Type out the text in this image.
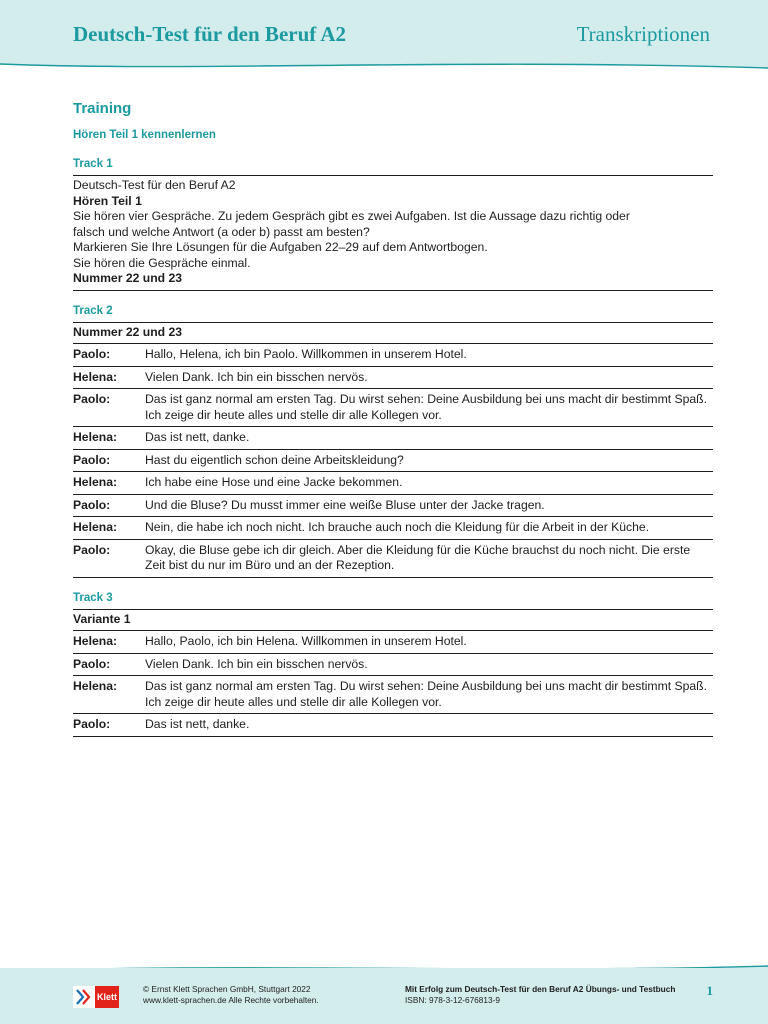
Deutsch-Test für den Beruf A2	Transkriptionen
Training
Hören Teil 1 kennenlernen
Track 1
Deutsch-Test für den Beruf A2
Hören Teil 1
Sie hören vier Gespräche. Zu jedem Gespräch gibt es zwei Aufgaben. Ist die Aussage dazu richtig oder
falsch und welche Antwort (a oder b) passt am besten?
Markieren Sie Ihre Lösungen für die Aufgaben 22–29 auf dem Antwortbogen.
Sie hören die Gespräche einmal.
Nummer 22 und 23
Track 2
Nummer 22 und 23
Paolo:	Hallo, Helena, ich bin Paolo. Willkommen in unserem Hotel.
Helena:	Vielen Dank. Ich bin ein bisschen nervös.
Paolo:	Das ist ganz normal am ersten Tag. Du wirst sehen: Deine Ausbildung bei uns macht dir bestimmt Spaß. Ich zeige dir heute alles und stelle dir alle Kollegen vor.
Helena:	Das ist nett, danke.
Paolo:	Hast du eigentlich schon deine Arbeitskleidung?
Helena:	Ich habe eine Hose und eine Jacke bekommen.
Paolo:	Und die Bluse? Du musst immer eine weiße Bluse unter der Jacke tragen.
Helena:	Nein, die habe ich noch nicht. Ich brauche auch noch die Kleidung für die Arbeit in der Küche.
Paolo:	Okay, die Bluse gebe ich dir gleich. Aber die Kleidung für die Küche brauchst du noch nicht. Die erste Zeit bist du nur im Büro und an der Rezeption.
Track 3
Variante 1
Helena:	Hallo, Paolo, ich bin Helena. Willkommen in unserem Hotel.
Paolo:	Vielen Dank. Ich bin ein bisschen nervös.
Helena:	Das ist ganz normal am ersten Tag. Du wirst sehen: Deine Ausbildung bei uns macht dir bestimmt Spaß. Ich zeige dir heute alles und stelle dir alle Kollegen vor.
Paolo:	Das ist nett, danke.
Klett
© Ernst Klett Sprachen GmbH, Stuttgart 2022
www.klett-sprachen.de Alle Rechte vorbehalten.
Mit Erfolg zum Deutsch-Test für den Beruf A2 Übungs- und Testbuch
ISBN: 978-3-12-676813-9
1
